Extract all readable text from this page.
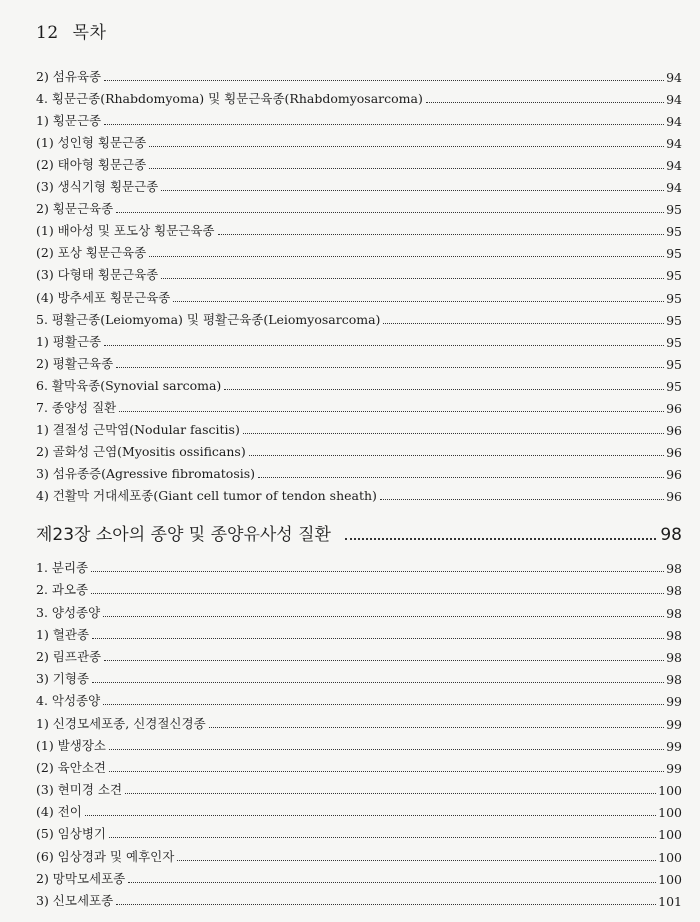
12 목차
2) 섬유육종	94
4. 횡문근종(Rhabdomyoma) 및 횡문근육종(Rhabdomyosarcoma)	94
1) 횡문근종	94
(1) 성인형 횡문근종	94
(2) 태아형 횡문근종	94
(3) 생식기형 횡문근종	94
2) 횡문근육종	95
(1) 배아성 및 포도상 횡문근육종	95
(2) 포상 횡문근육종	95
(3) 다형태 횡문근육종	95
(4) 방추세포 횡문근육종	95
5. 평활근종(Leiomyoma) 및 평활근육종(Leiomyosarcoma)	95
1) 평활근종	95
2) 평활근육종	95
6. 활막육종(Synovial sarcoma)	95
7. 종양성 질환	96
1) 결절성 근막염(Nodular fascitis)	96
2) 골화성 근염(Myositis ossificans)	96
3) 섬유종증(Agressive fibromatosis)	96
4) 건활막 거대세포종(Giant cell tumor of tendon sheath)	96
제23장 소아의 종양 및 종양유사성 질환	98
1. 분리종	98
2. 과오종	98
3. 양성종양	98
1) 혈관종	98
2) 림프관종	98
3) 기형종	98
4. 악성종양	99
1) 신경모세포종, 신경절신경종	99
(1) 발생장소	99
(2) 육안소견	99
(3) 현미경 소견	100
(4) 전이	100
(5) 임상병기	100
(6) 임상경과 및 예후인자	100
2) 망막모세포종	100
3) 신모세포종	101
